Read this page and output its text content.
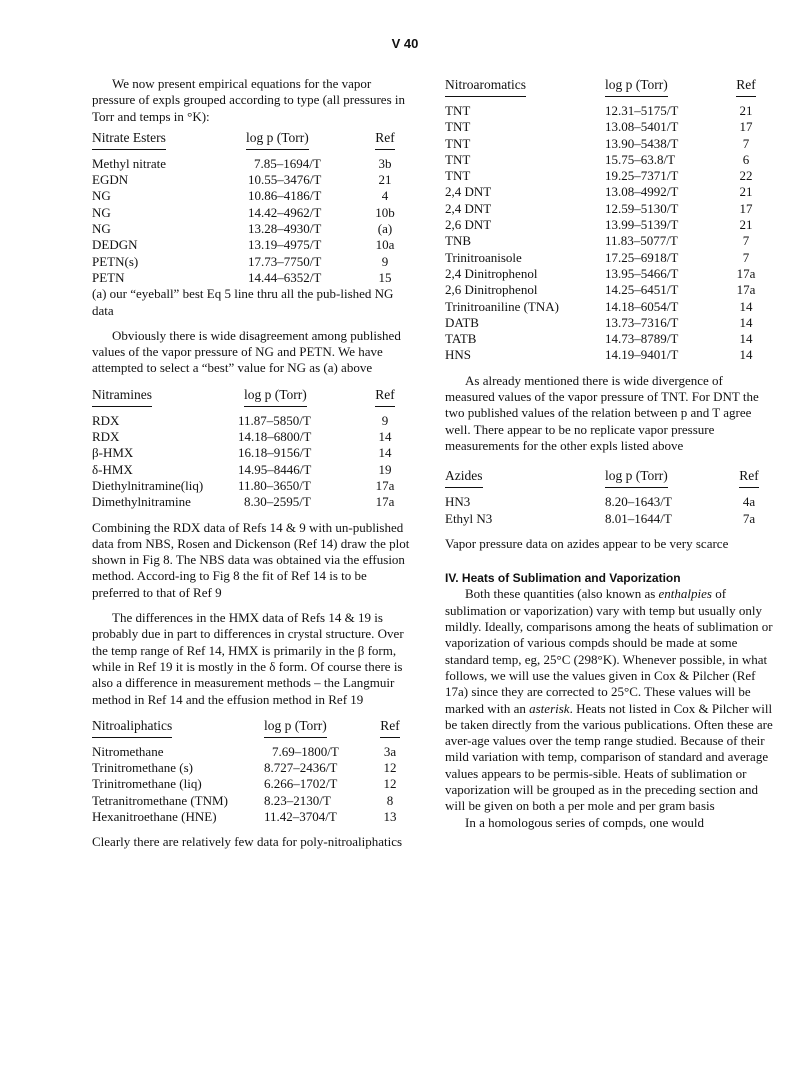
V 40

We now present empirical equations for the vapor pressure of expls grouped according to type (all pressures in Torr and temps in °K):

Nitrate Esters	log p (Torr)	Ref
Methyl nitrate	7.85–1694/T	3b
EGDN	10.55–3476/T	21
NG	10.86–4186/T	4
NG	14.42–4962/T	10b
NG	13.28–4930/T	(a)
DEDGN	13.19–4975/T	10a
PETN(s)	17.73–7750/T	9
PETN	14.44–6352/T	15

(a) our “eyeball” best Eq 5 line thru all the pub-lished NG data

Obviously there is wide disagreement among published values of the vapor pressure of NG and PETN. We have attempted to select a “best” value for NG as (a) above

Nitramines	log p (Torr)	Ref
RDX	11.87–5850/T	9
RDX	14.18–6800/T	14
β-HMX	16.18–9156/T	14
δ-HMX	14.95–8446/T	19
Diethylnitramine(liq)	11.80–3650/T	17a
Dimethylnitramine	8.30–2595/T	17a

Combining the RDX data of Refs 14 & 9 with un-published data from NBS, Rosen and Dickenson (Ref 14) draw the plot shown in Fig 8. The NBS data was obtained via the effusion method. Accord-ing to Fig 8 the fit of Ref 14 is to be preferred to that of Ref 9

The differences in the HMX data of Refs 14 & 19 is probably due in part to differences in crystal structure. Over the temp range of Ref 14, HMX is primarily in the β form, while in Ref 19 it is mostly in the δ form. Of course there is also a difference in measurement methods – the Langmuir method in Ref 14 and the effusion method in Ref 19

Nitroaliphatics	log p (Torr)	Ref
Nitromethane	7.69–1800/T	3a
Trinitromethane (s)	8.727–2436/T	12
Trinitromethane (liq)	6.266–1702/T	12
Tetranitromethane (TNM)	8.23–2130/T	8
Hexanitroethane (HNE)	11.42–3704/T	13

Clearly there are relatively few data for poly-nitroaliphatics

Nitroaromatics	log p (Torr)	Ref
TNT	12.31–5175/T	21
TNT	13.08–5401/T	17
TNT	13.90–5438/T	7
TNT	15.75–63.8/T	6
TNT	19.25–7371/T	22
2,4 DNT	13.08–4992/T	21
2,4 DNT	12.59–5130/T	17
2,6 DNT	13.99–5139/T	21
TNB	11.83–5077/T	7
Trinitroanisole	17.25–6918/T	7
2,4 Dinitrophenol	13.95–5466/T	17a
2,6 Dinitrophenol	14.25–6451/T	17a
Trinitroaniline (TNA)	14.18–6054/T	14
DATB	13.73–7316/T	14
TATB	14.73–8789/T	14
HNS	14.19–9401/T	14

As already mentioned there is wide divergence of measured values of the vapor pressure of TNT. For DNT the two published values of the relation between p and T agree well. There appear to be no replicate vapor pressure measurements for the other expls listed above

Azides	log p (Torr)	Ref
HN3	8.20–1643/T	4a
Ethyl N3	8.01–1644/T	7a

Vapor pressure data on azides appear to be very scarce

IV. Heats of Sublimation and Vaporization

Both these quantities (also known as enthalpies of sublimation or vaporization) vary with temp but usually only mildly. Ideally, comparisons among the heats of sublimation or vaporization of various compds should be made at some standard temp, eg, 25°C (298°K). Whenever possible, in what follows, we will use the values given in Cox & Pilcher (Ref 17a) since they are corrected to 25°C. These values will be marked with an asterisk. Heats not listed in Cox & Pilcher will be taken directly from the various publications. Often these are aver-age values over the temp range studied. Because of their mild variation with temp, comparison of standard and average values appears to be permis-sible. Heats of sublimation or vaporization will be grouped as in the preceding section and will be given on both a per mole and per gram basis

In a homologous series of compds, one would
